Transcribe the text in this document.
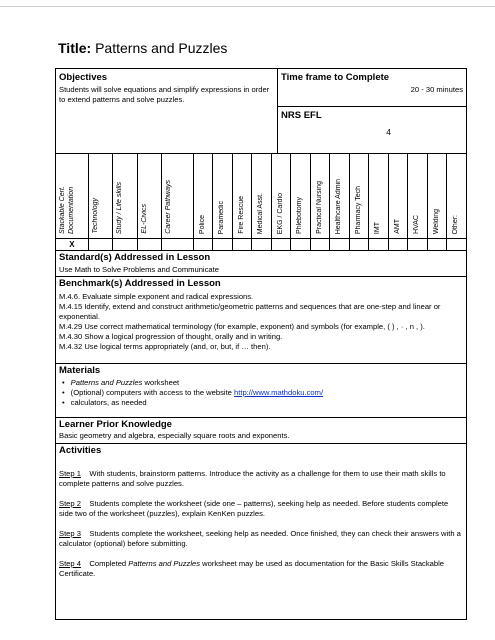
Title: Patterns and Puzzles
Objectives
Students will solve equations and simplify expressions in order to extend patterns and solve puzzles.
Time frame to Complete
20 - 30 minutes
NRS EFL
4
Stackable Cert. Documentation Technology Study / Life skills EL-Civics Career Pathways	Police Paramedic Fire Rescue Medical Asst. EKG / Cardio Phlebotomy Practical Nursing Healthcare Admin Pharmacy Tech IMT AMT HVAC Welding Other:
X
Standard(s) Addressed in Lesson
Use Math to Solve Problems and Communicate
Benchmark(s) Addressed in Lesson

M.4.6. Evaluate simple exponent and radical expressions.

M.4.15 Identify, extend and construct arithmetic/geometric patterns and sequences that are one-step and linear or exponential.

M.4.29 Use correct mathematical terminology (for example, exponent) and symbols (for example, ( ) , · , n , ).

M.4.30 Show a logical progression of thought, orally and in writing.

M.4.32 Use logical terms appropriately (and, or, but, if … then).

Materials
• Patterns and Puzzles worksheet
• (Optional) computers with access to the website http://www.mathdoku.com/
• calculators, as needed
Learner Prior Knowledge
Basic geometry and algebra, especially square roots and exponents.
Activities

Step 1 With students, brainstorm patterns. Introduce the activity as a challenge for them to use their math skills to complete patterns and solve puzzles.

Step 2 Students complete the worksheet (side one – patterns), seeking help as needed. Before students complete side two of the worksheet (puzzles), explain KenKen puzzles.

Step 3 Students complete the worksheet, seeking help as needed. Once finished, they can check their answers with a calculator (optional) before submitting.

Step 4 Completed Patterns and Puzzles worksheet may be used as documentation for the Basic Skills Stackable Certificate.
